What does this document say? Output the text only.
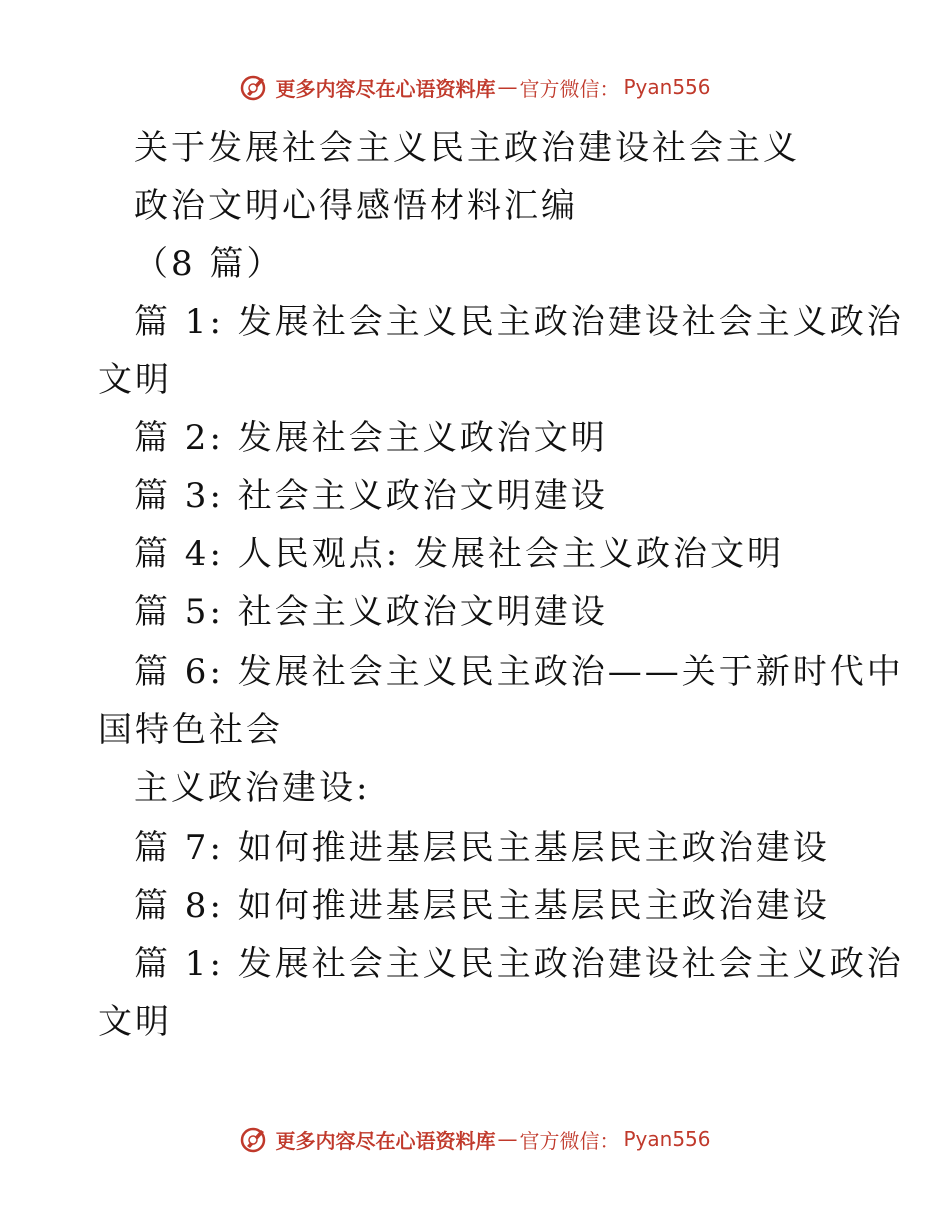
更多内容尽在心语资料库 — 官方微信： Pyan556
关于发展社会主义民主政治建设社会主义
政治文明心得感悟材料汇编
（8 篇）
篇 1: 发展社会主义民主政治建设社会主义政治
文明
篇 2: 发展社会主义政治文明
篇 3: 社会主义政治文明建设
篇 4: 人民观点: 发展社会主义政治文明
篇 5: 社会主义政治文明建设
篇 6: 发展社会主义民主政治——关于新时代中
国特色社会
主义政治建设:
篇 7: 如何推进基层民主基层民主政治建设
篇 8: 如何推进基层民主基层民主政治建设
篇 1: 发展社会主义民主政治建设社会主义政治
文明
更多内容尽在心语资料库 — 官方微信： Pyan556
